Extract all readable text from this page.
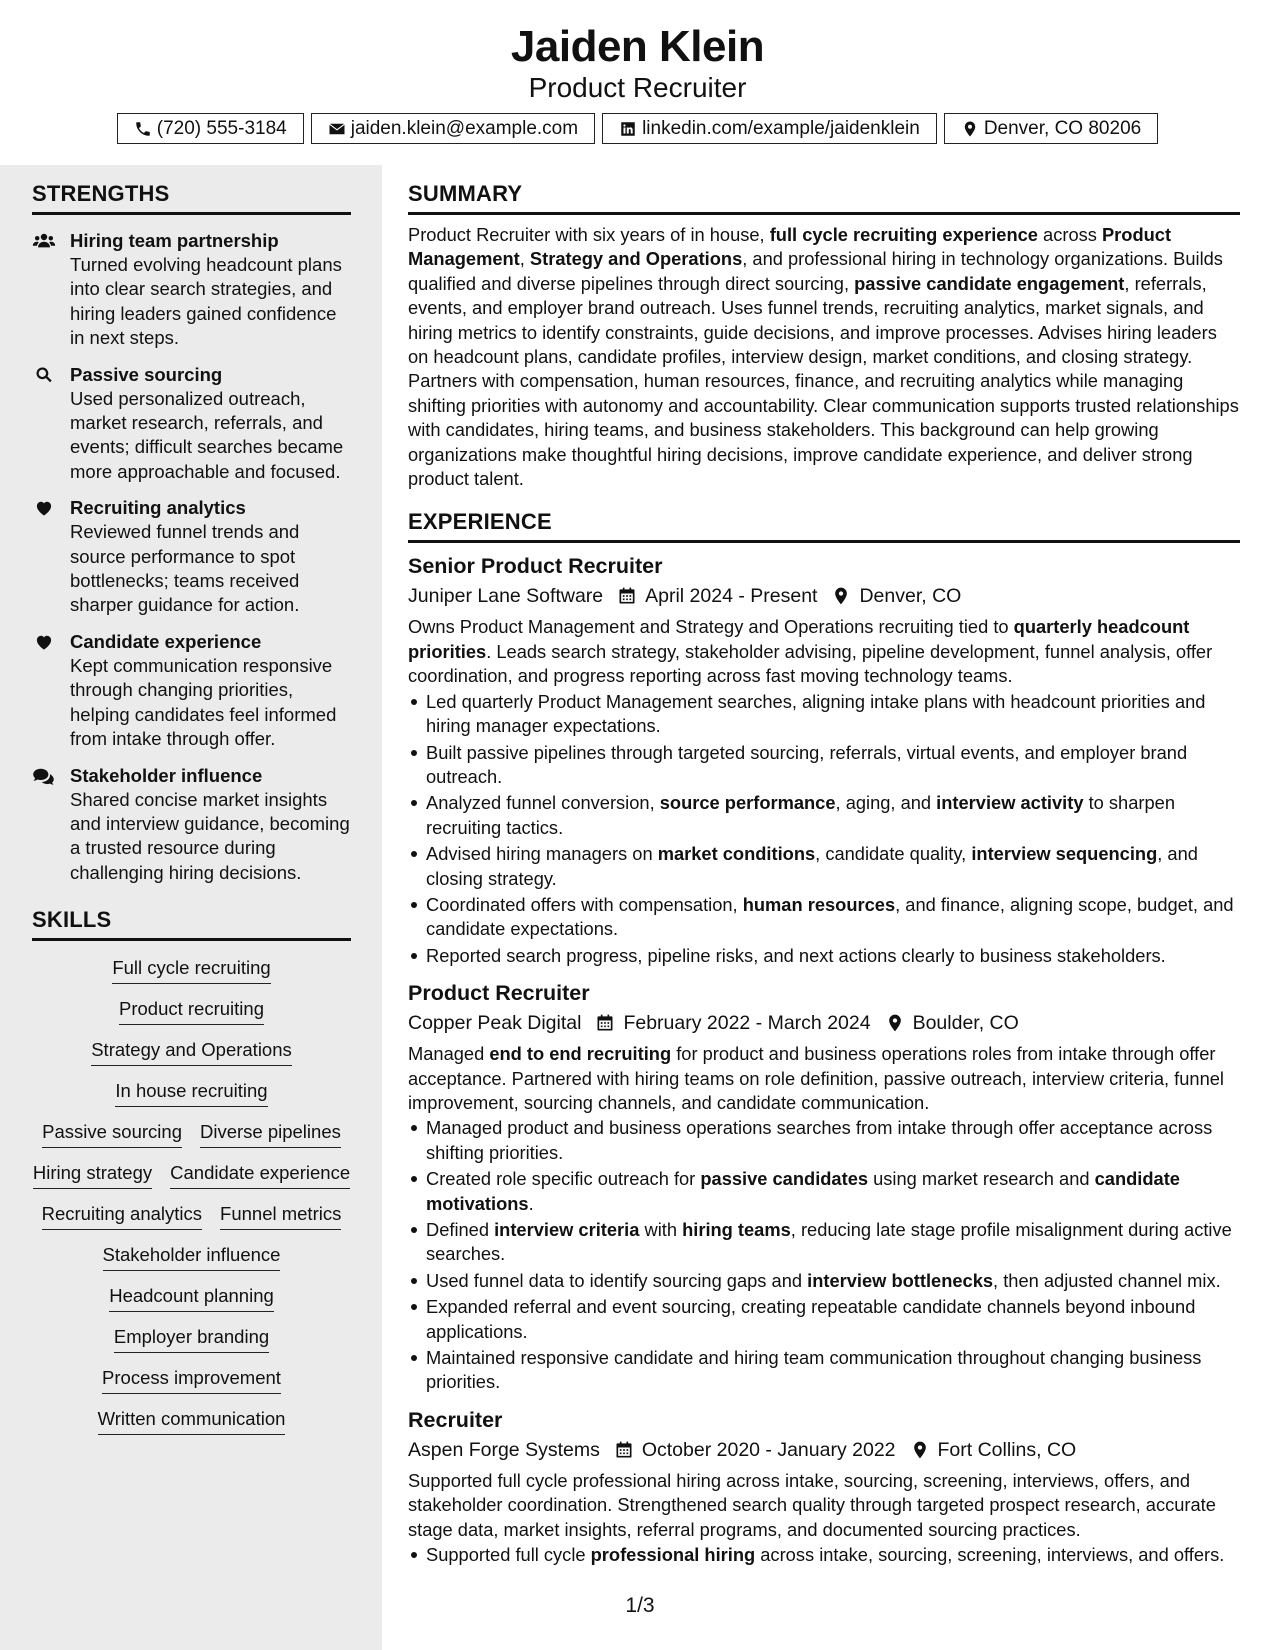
Jaiden Klein
Product Recruiter
(720) 555-3184	jaiden.klein@example.com	linkedin.com/example/jaidenklein	Denver, CO 80206
STRENGTHS
Hiring team partnership
Turned evolving headcount plans into clear search strategies, and hiring leaders gained confidence in next steps.
Passive sourcing
Used personalized outreach, market research, referrals, and events; difficult searches became more approachable and focused.
Recruiting analytics
Reviewed funnel trends and source performance to spot bottlenecks; teams received sharper guidance for action.
Candidate experience
Kept communication responsive through changing priorities, helping candidates feel informed from intake through offer.
Stakeholder influence
Shared concise market insights and interview guidance, becoming a trusted resource during challenging hiring decisions.
SKILLS
Full cycle recruiting
Product recruiting
Strategy and Operations
In house recruiting
Passive sourcing Diverse pipelines
Hiring strategy Candidate experience
Recruiting analytics Funnel metrics
Stakeholder influence
Headcount planning
Employer branding
Process improvement
Written communication
SUMMARY
Product Recruiter with six years of in house, full cycle recruiting experience across Product Management, Strategy and Operations, and professional hiring in technology organizations. Builds qualified and diverse pipelines through direct sourcing, passive candidate engagement, referrals, events, and employer brand outreach. Uses funnel trends, recruiting analytics, market signals, and hiring metrics to identify constraints, guide decisions, and improve processes. Advises hiring leaders on headcount plans, candidate profiles, interview design, market conditions, and closing strategy. Partners with compensation, human resources, finance, and recruiting analytics while managing shifting priorities with autonomy and accountability. Clear communication supports trusted relationships with candidates, hiring teams, and business stakeholders. This background can help growing organizations make thoughtful hiring decisions, improve candidate experience, and deliver strong product talent.
EXPERIENCE
Senior Product Recruiter
Juniper Lane Software April 2024 - Present Denver, CO
Owns Product Management and Strategy and Operations recruiting tied to quarterly headcount priorities. Leads search strategy, stakeholder advising, pipeline development, funnel analysis, offer coordination, and progress reporting across fast moving technology teams.
Led quarterly Product Management searches, aligning intake plans with headcount priorities and hiring manager expectations.
Built passive pipelines through targeted sourcing, referrals, virtual events, and employer brand outreach.
Analyzed funnel conversion, source performance, aging, and interview activity to sharpen recruiting tactics.
Advised hiring managers on market conditions, candidate quality, interview sequencing, and closing strategy.
Coordinated offers with compensation, human resources, and finance, aligning scope, budget, and candidate expectations.
Reported search progress, pipeline risks, and next actions clearly to business stakeholders.
Product Recruiter
Copper Peak Digital February 2022 - March 2024 Boulder, CO
Managed end to end recruiting for product and business operations roles from intake through offer acceptance. Partnered with hiring teams on role definition, passive outreach, interview criteria, funnel improvement, sourcing channels, and candidate communication.
Managed product and business operations searches from intake through offer acceptance across shifting priorities.
Created role specific outreach for passive candidates using market research and candidate motivations.
Defined interview criteria with hiring teams, reducing late stage profile misalignment during active searches.
Used funnel data to identify sourcing gaps and interview bottlenecks, then adjusted channel mix.
Expanded referral and event sourcing, creating repeatable candidate channels beyond inbound applications.
Maintained responsive candidate and hiring team communication throughout changing business priorities.
Recruiter
Aspen Forge Systems October 2020 - January 2022 Fort Collins, CO
Supported full cycle professional hiring across intake, sourcing, screening, interviews, offers, and stakeholder coordination. Strengthened search quality through targeted prospect research, accurate stage data, market insights, referral programs, and documented sourcing practices.
Supported full cycle professional hiring across intake, sourcing, screening, interviews, and offers.
1/3
